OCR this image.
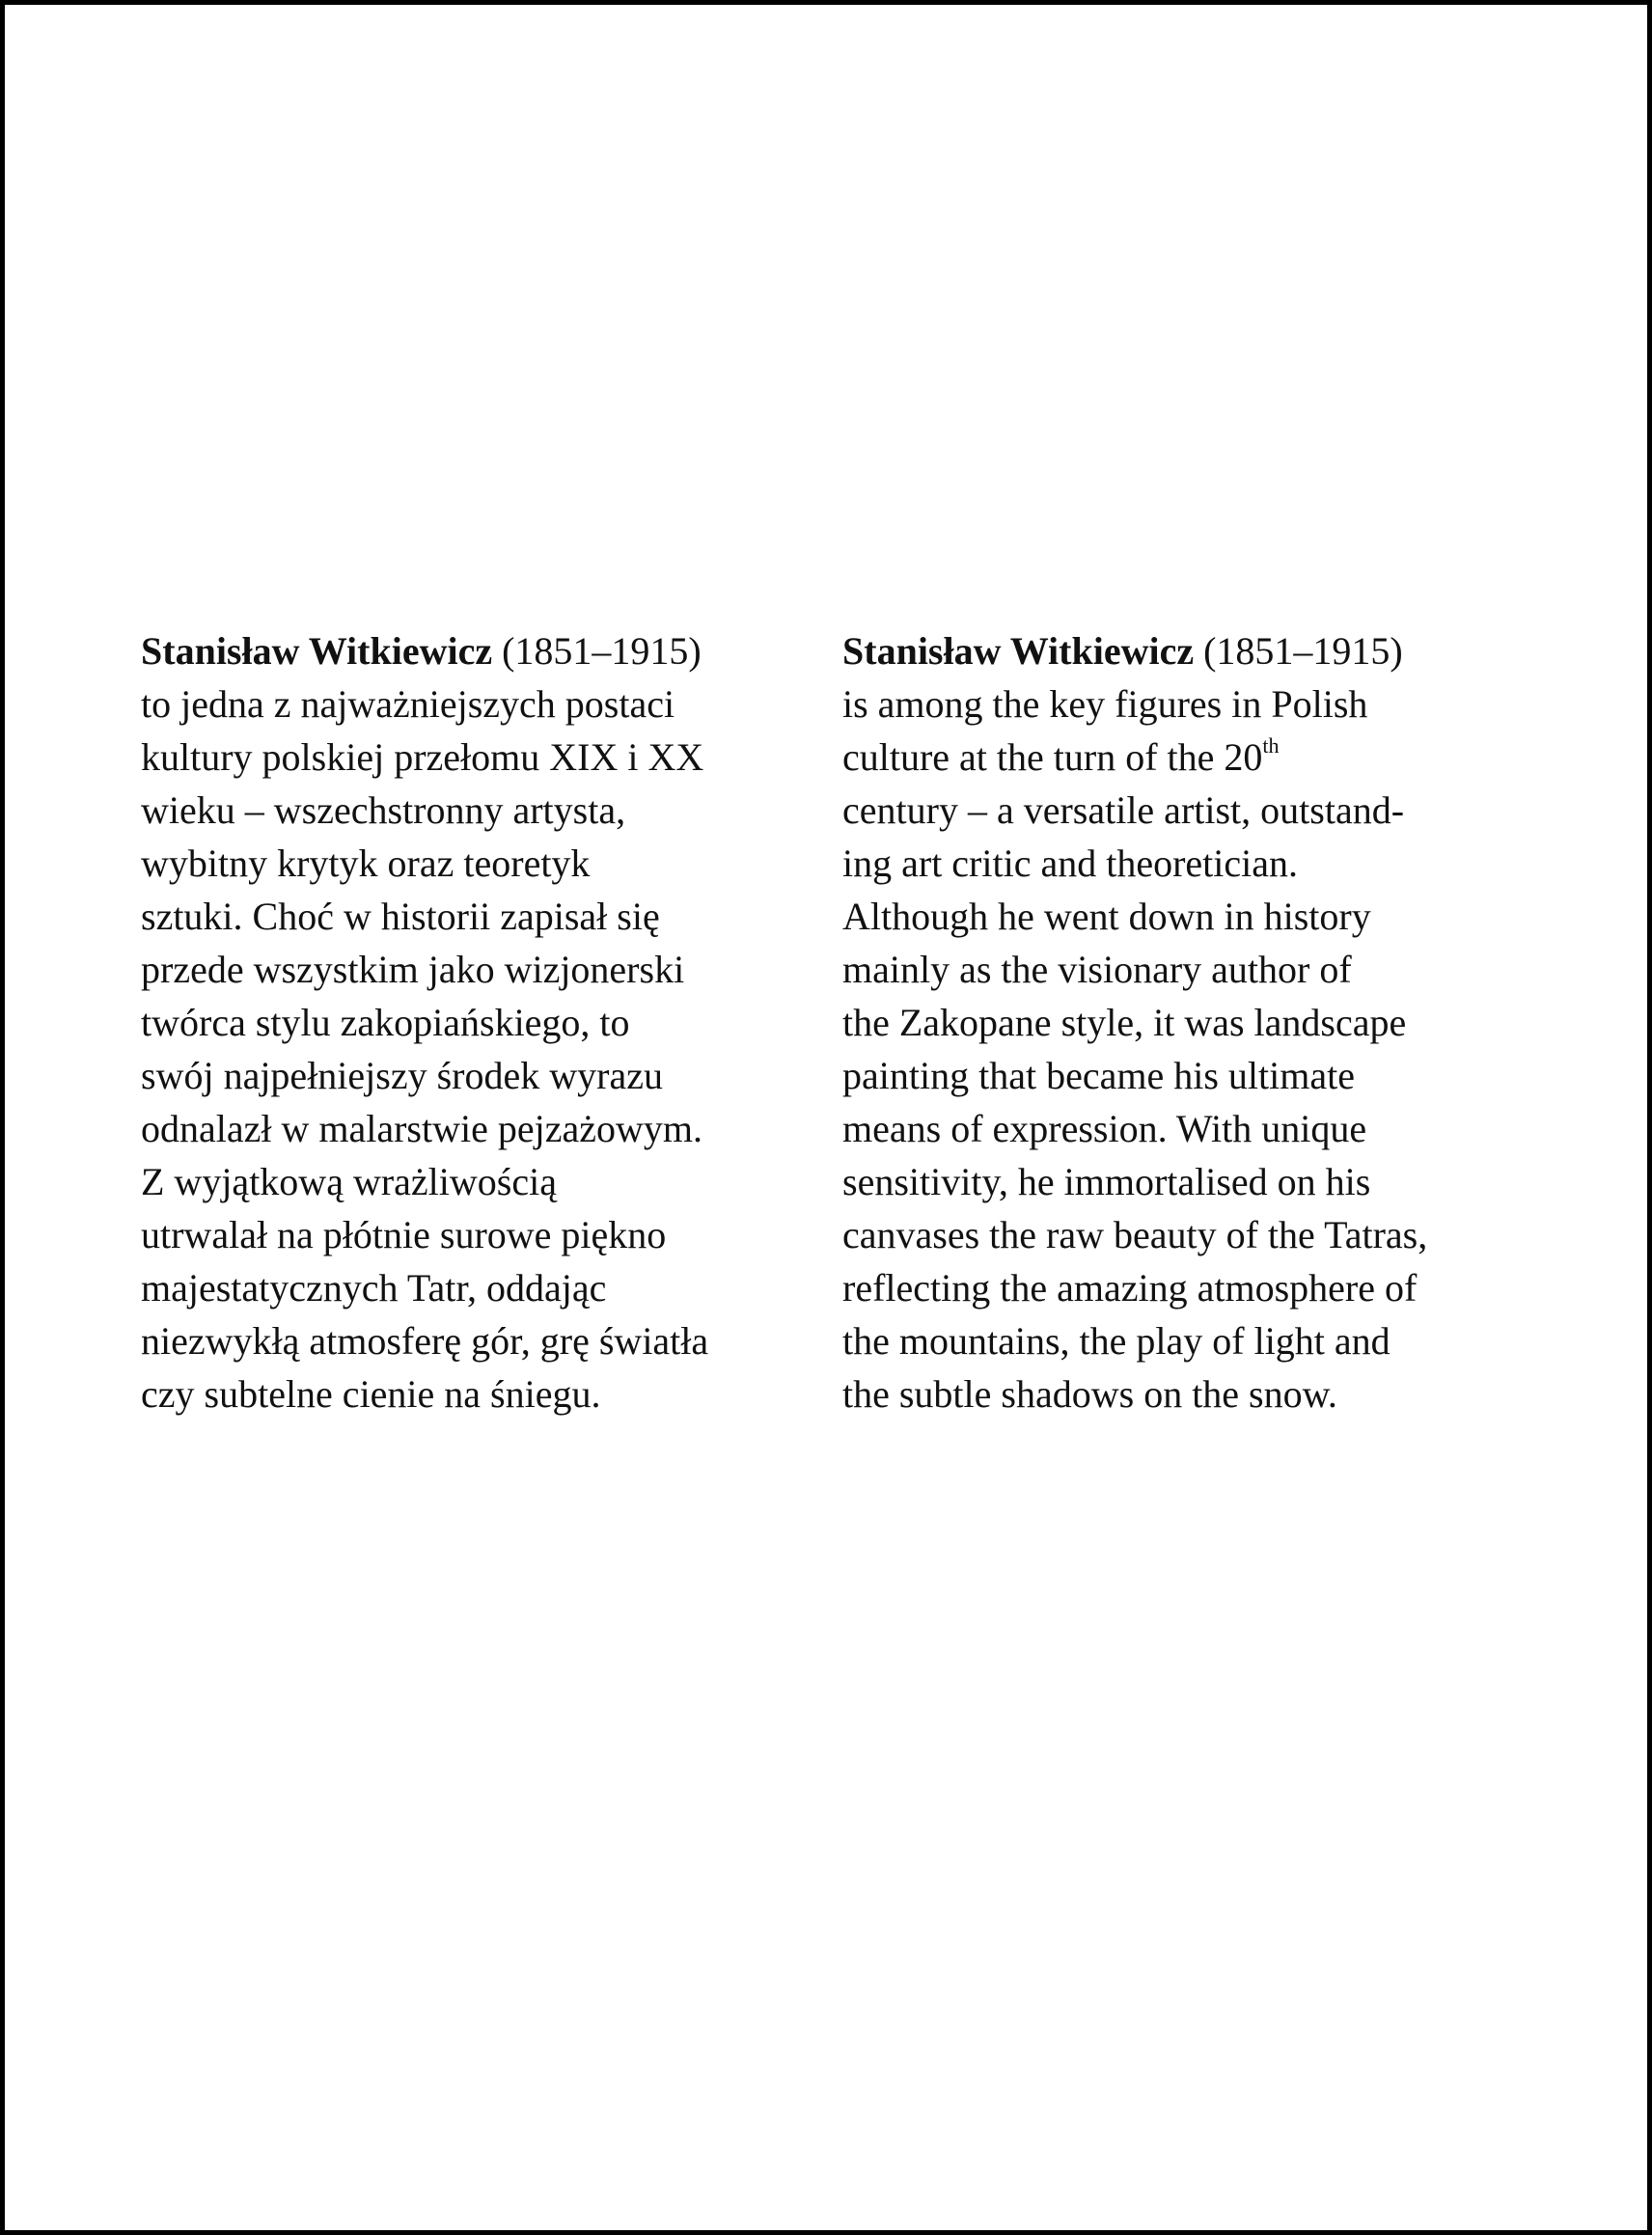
Stanisław Witkiewicz (1851–1915)
to jedna z najważniejszych postaci
kultury polskiej przełomu XIX i XX
wieku – wszechstronny artysta,
wybitny krytyk oraz teoretyk
sztuki. Choć w historii zapisał się
przede wszystkim jako wizjonerski
twórca stylu zakopiańskiego, to
swój najpełniejszy środek wyrazu
odnalazł w malarstwie pejzażowym.
Z wyjątkową wrażliwością
utrwalał na płótnie surowe piękno
majestatycznych Tatr, oddając
niezwykłą atmosferę gór, grę światła
czy subtelne cienie na śniegu.
Stanisław Witkiewicz (1851–1915)
is among the key figures in Polish
culture at the turn of the 20th
century – a versatile artist, outstand-
ing art critic and theoretician.
Although he went down in history
mainly as the visionary author of
the Zakopane style, it was landscape
painting that became his ultimate
means of expression. With unique
sensitivity, he immortalised on his
canvases the raw beauty of the Tatras,
reflecting the amazing atmosphere of
the mountains, the play of light and
the subtle shadows on the snow.
